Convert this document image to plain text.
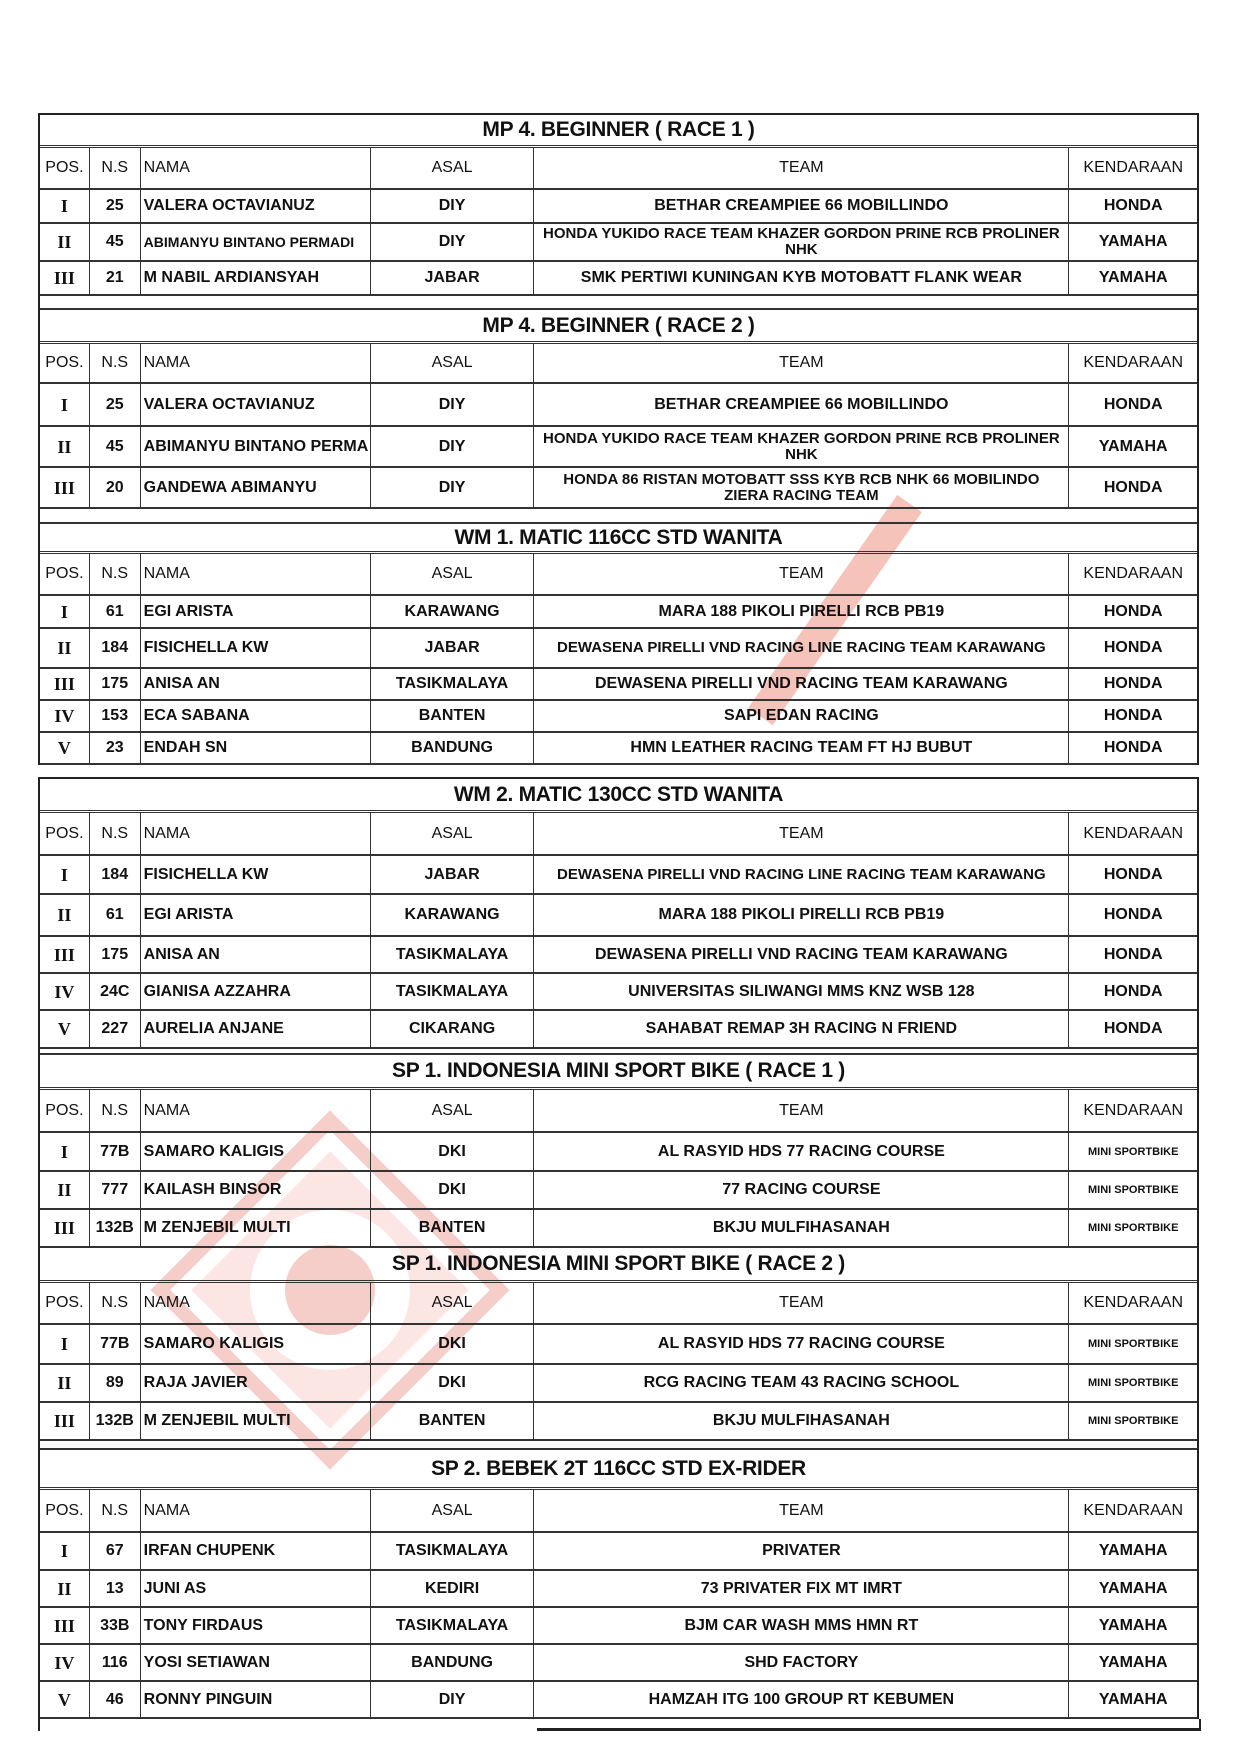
MP 4. BEGINNER ( RACE 1 )
POS.	N.S NAMA	ASAL	TEAM	KENDARAAN
I	25	VALERA OCTAVIANUZ	DIY	BETHAR CREAMPIEE 66 MOBILLINDO	HONDA
II	45	ABIMANYU BINTANO PERMADI	DIY	HONDA YUKIDO RACE TEAM KHAZER GORDON PRINE RCB PROLINER NHK	YAMAHA
III	21	M NABIL ARDIANSYAH	JABAR	SMK PERTIWI KUNINGAN KYB MOTOBATT FLANK WEAR	YAMAHA
MP 4. BEGINNER ( RACE 2 )
POS.	N.S NAMA	ASAL	TEAM	KENDARAAN
I	25	VALERA OCTAVIANUZ	DIY	BETHAR CREAMPIEE 66 MOBILLINDO	HONDA
II	45	ABIMANYU BINTANO PERMA	DIY	HONDA YUKIDO RACE TEAM KHAZER GORDON PRINE RCB PROLINER NHK	YAMAHA
III	20	GANDEWA ABIMANYU	DIY	HONDA 86 RISTAN MOTOBATT SSS KYB RCB NHK 66 MOBILINDO ZIERA RACING TEAM	HONDA
WM 1. MATIC 116CC STD WANITA
POS.	N.S NAMA	ASAL	TEAM	KENDARAAN
I	61	EGI ARISTA	KARAWANG	MARA 188 PIKOLI PIRELLI RCB PB19	HONDA
II	184 FISICHELLA KW	JABAR	DEWASENA PIRELLI VND RACING LINE RACING TEAM KARAWANG	HONDA
III	175 ANISA AN	TASIKMALAYA	DEWASENA PIRELLI VND RACING TEAM KARAWANG	HONDA
IV	153 ECA SABANA	BANTEN	SAPI EDAN RACING	HONDA
V	23	ENDAH SN	BANDUNG	HMN LEATHER RACING TEAM FT HJ BUBUT	HONDA
WM 2. MATIC 130CC STD WANITA
POS.	N.S NAMA	ASAL	TEAM	KENDARAAN
I	184 FISICHELLA KW	JABAR	DEWASENA PIRELLI VND RACING LINE RACING TEAM KARAWANG	HONDA
II	61	EGI ARISTA	KARAWANG	MARA 188 PIKOLI PIRELLI RCB PB19	HONDA
III	175 ANISA AN	TASIKMALAYA	DEWASENA PIRELLI VND RACING TEAM KARAWANG	HONDA
IV	24C GIANISA AZZAHRA	TASIKMALAYA	UNIVERSITAS SILIWANGI MMS KNZ WSB 128	HONDA
V	227 AURELIA ANJANE	CIKARANG	SAHABAT REMAP 3H RACING N FRIEND	HONDA
SP 1. INDONESIA MINI SPORT BIKE ( RACE 1 )
POS.	N.S NAMA	ASAL	TEAM	KENDARAAN
I	77B SAMARO KALIGIS	DKI	AL RASYID HDS 77 RACING COURSE	MINI SPORTBIKE
II	777 KAILASH BINSOR	DKI	77 RACING COURSE	MINI SPORTBIKE
III	132B M ZENJEBIL MULTI	BANTEN	BKJU MULFIHASANAH	MINI SPORTBIKE
SP 1. INDONESIA MINI SPORT BIKE ( RACE 2 )
POS.	N.S NAMA	ASAL	TEAM	KENDARAAN
I	77B SAMARO KALIGIS	DKI	AL RASYID HDS 77 RACING COURSE	MINI SPORTBIKE
II	89	RAJA JAVIER	DKI	RCG RACING TEAM 43 RACING SCHOOL	MINI SPORTBIKE
III	132B M ZENJEBIL MULTI	BANTEN	BKJU MULFIHASANAH	MINI SPORTBIKE
SP 2. BEBEK 2T 116CC STD EX-RIDER
POS.	N.S NAMA	ASAL	TEAM	KENDARAAN
I	67	IRFAN CHUPENK	TASIKMALAYA	PRIVATER	YAMAHA
II	13	JUNI AS	KEDIRI	73 PRIVATER FIX MT IMRT	YAMAHA
III	33B TONY FIRDAUS	TASIKMALAYA	BJM CAR WASH MMS HMN RT	YAMAHA
IV	116	YOSI SETIAWAN	BANDUNG	SHD FACTORY	YAMAHA
V	46	RONNY PINGUIN	DIY	HAMZAH ITG 100 GROUP RT KEBUMEN	YAMAHA
